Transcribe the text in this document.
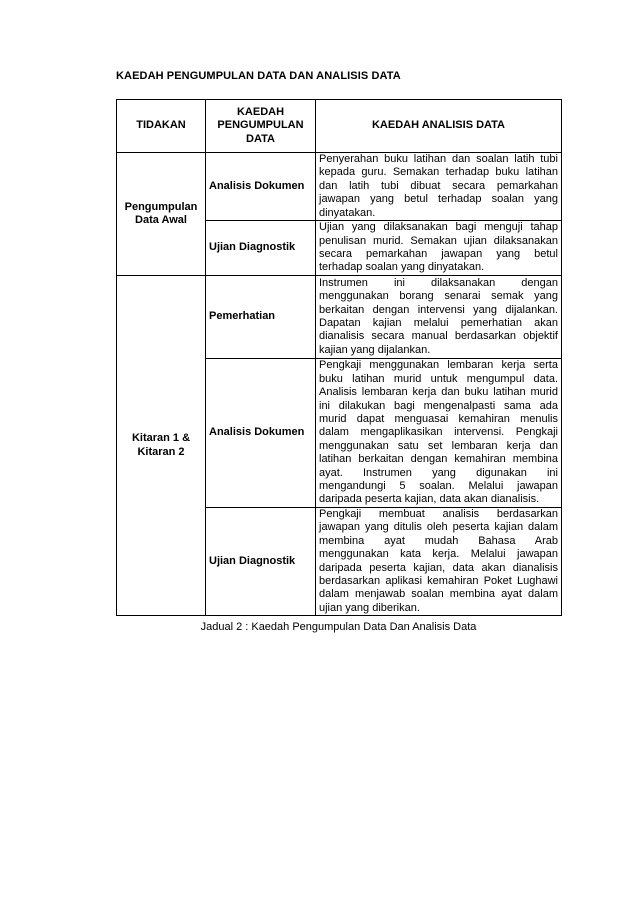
KAEDAH PENGUMPULAN DATA DAN ANALISIS DATA
TIDAKAN	KAEDAH PENGUMPULAN DATA	KAEDAH ANALISIS DATA
Pengumpulan Data Awal	Analisis Dokumen	Penyerahan buku latihan dan soalan latih tubi kepada guru. Semakan terhadap buku latihan dan latih tubi dibuat secara pemarkahan jawapan yang betul terhadap soalan yang dinyatakan.
	Ujian Diagnostik	Ujian yang dilaksanakan bagi menguji tahap penulisan murid. Semakan ujian dilaksanakan secara pemarkahan jawapan yang betul terhadap soalan yang dinyatakan.
Kitaran 1 & Kitaran 2	Pemerhatian	Instrumen ini dilaksanakan dengan menggunakan borang senarai semak yang berkaitan dengan intervensi yang dijalankan. Dapatan kajian melalui pemerhatian akan dianalisis secara manual berdasarkan objektif kajian yang dijalankan.
	Analisis Dokumen	Pengkaji menggunakan lembaran kerja serta buku latihan murid untuk mengumpul data. Analisis lembaran kerja dan buku latihan murid ini dilakukan bagi mengenalpasti sama ada murid dapat menguasai kemahiran menulis dalam mengaplikasikan intervensi. Pengkaji menggunakan satu set lembaran kerja dan latihan berkaitan dengan kemahiran membina ayat. Instrumen yang digunakan ini mengandungi 5 soalan. Melalui jawapan daripada peserta kajian, data akan dianalisis.
	Ujian Diagnostik	Pengkaji membuat analisis berdasarkan jawapan yang ditulis oleh peserta kajian dalam membina ayat mudah Bahasa Arab menggunakan kata kerja. Melalui jawapan daripada peserta kajian, data akan dianalisis berdasarkan aplikasi kemahiran Poket Lughawi dalam menjawab soalan membina ayat dalam ujian yang diberikan.
Jadual 2 : Kaedah Pengumpulan Data Dan Analisis Data
